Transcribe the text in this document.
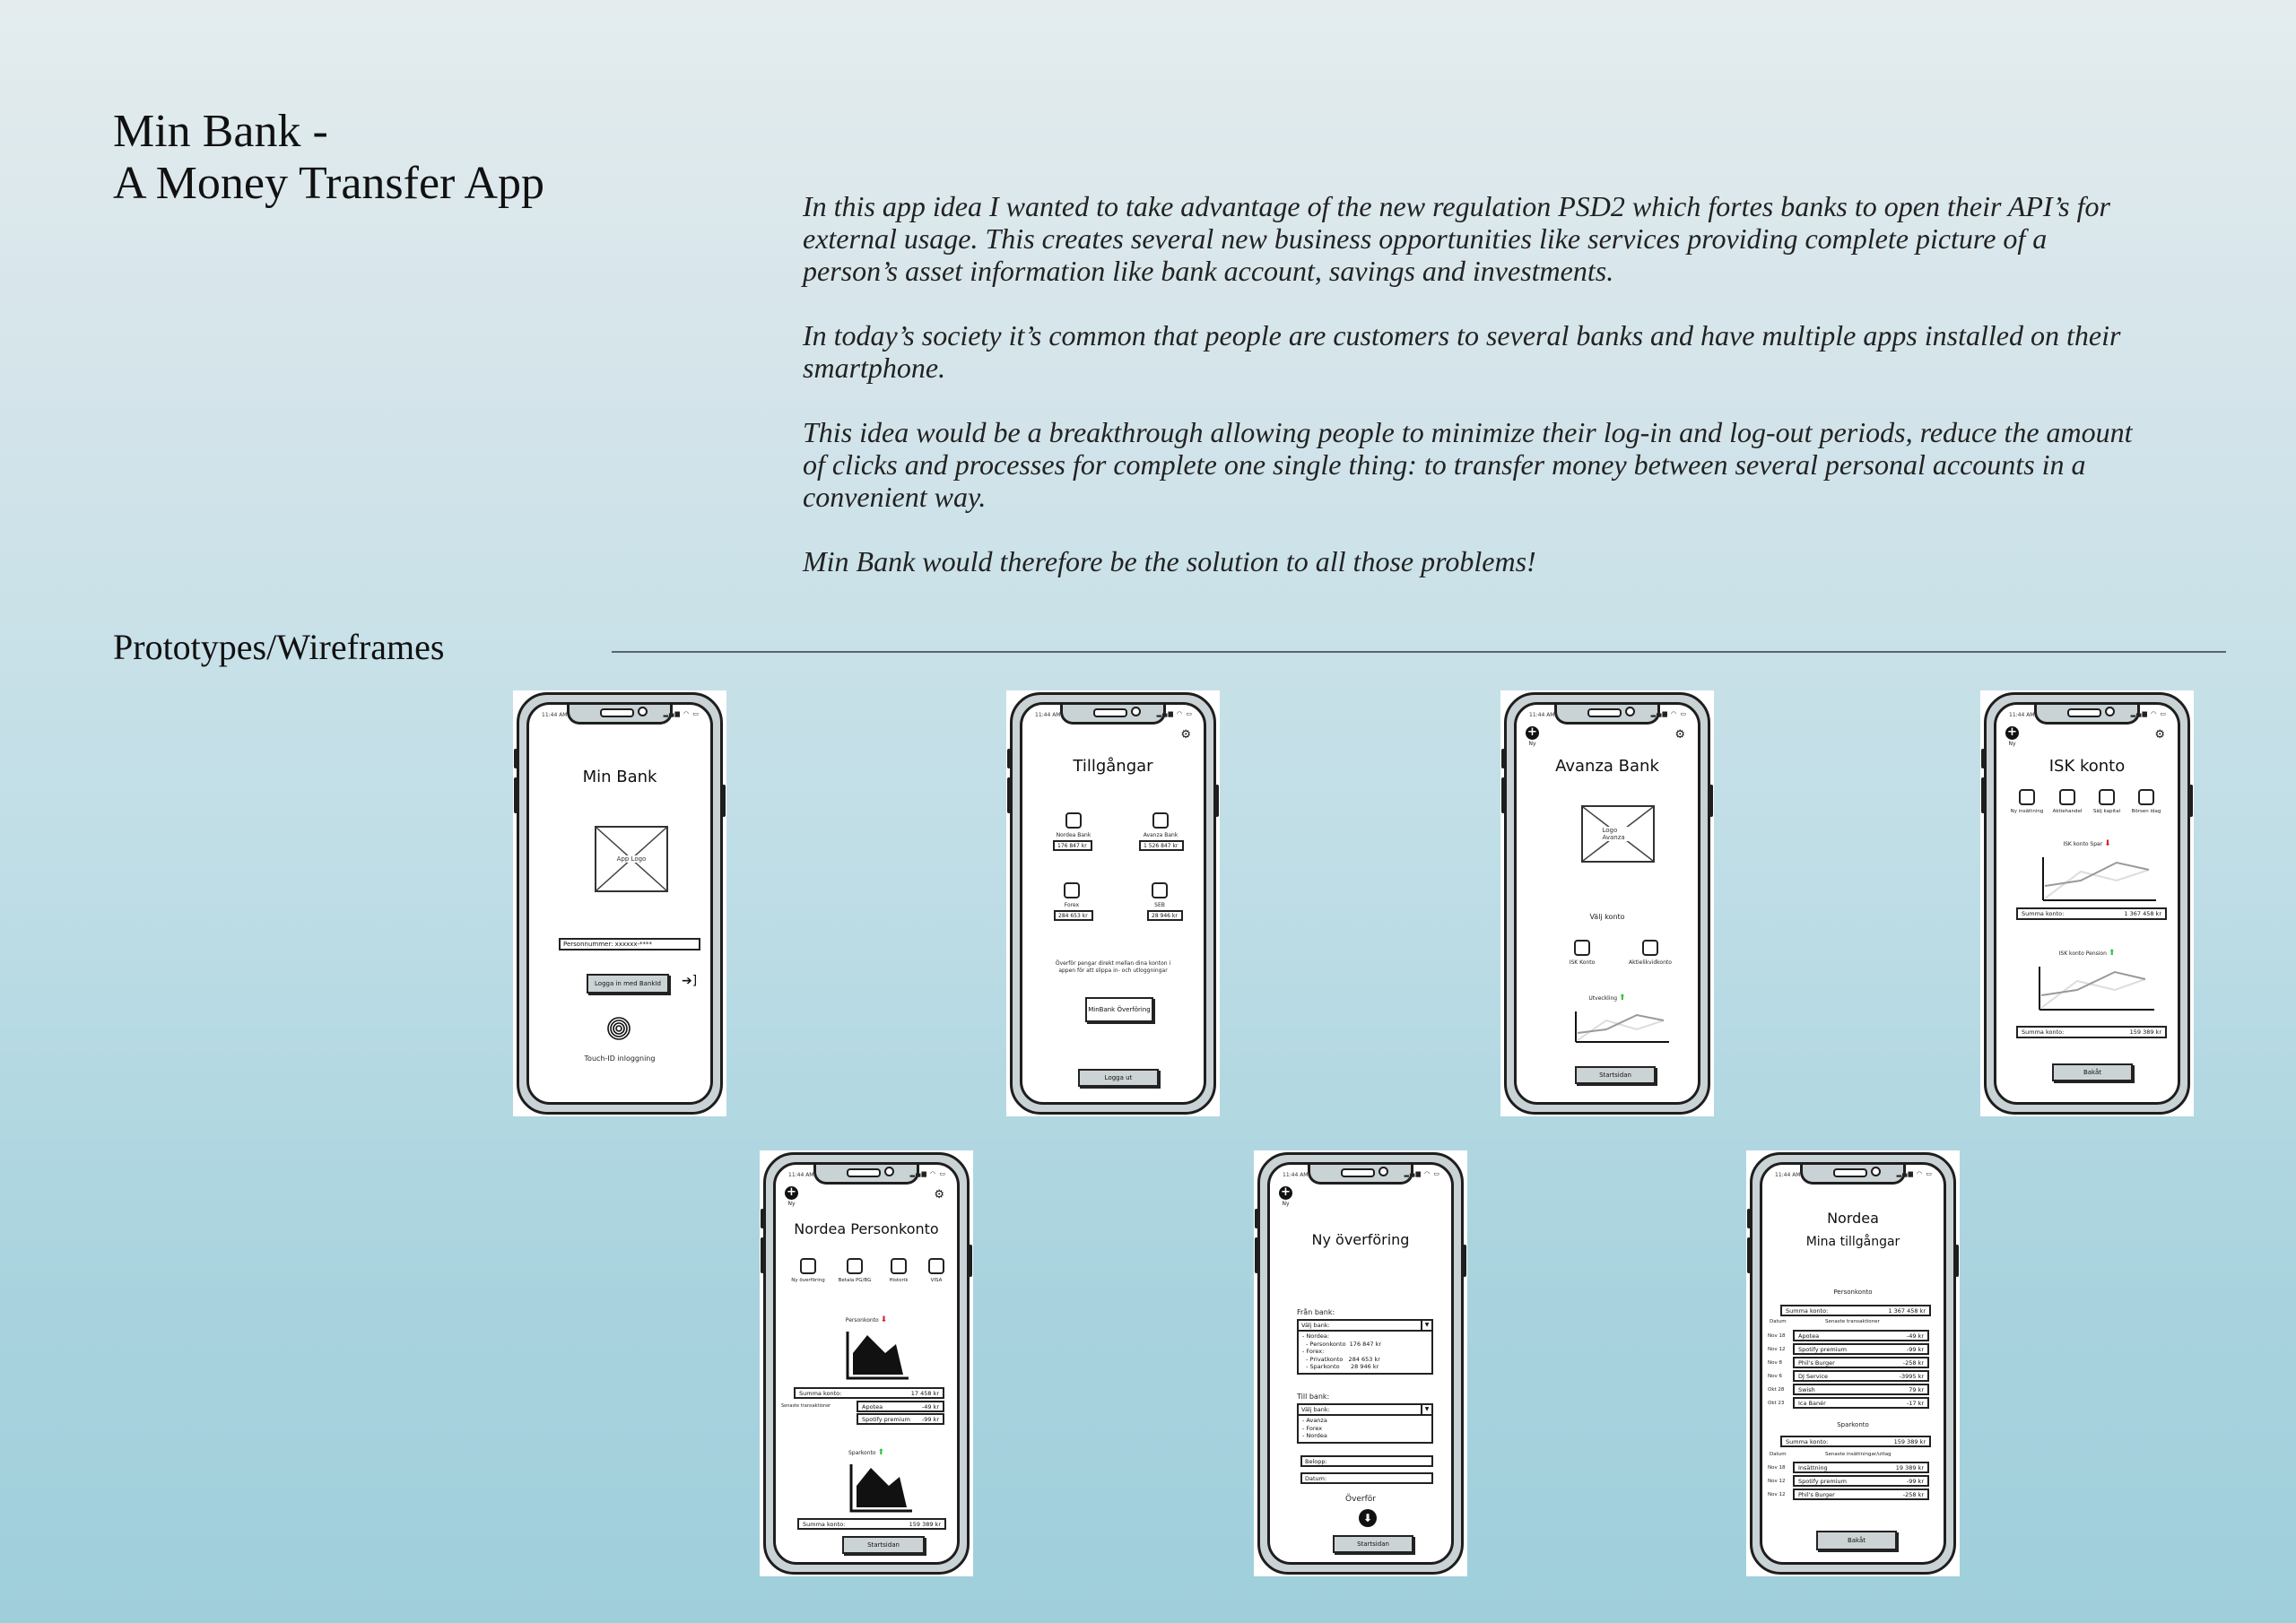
Min Bank -
A Money Transfer App	In this app idea I wanted to take advantage of the new regulation PSD2 which fortes banks to open their API’s for external usage. This creates several new business opportunities like services providing complete picture of a person’s asset information like bank account, savings and investments.

In today’s society it’s common that people are customers to several banks and have multiple apps installed on their smartphone.

This idea would be a breakthrough allowing people to minimize their log-in and log-out periods, reduce the amount of clicks and processes for complete one single thing: to transfer money between several personal accounts in a convenient way.

Min Bank would therefore be the solution to all those problems!

Prototypes/Wireframes
11:44 AM	▂▄▆ ◠ ▭
Min Bank
App Logo
Personnummer: xxxxxx-****
Logga in med BankId	➔]
Touch-ID inloggning
11:44 AM	▂▄▆ ◠ ▭
⚙
Tillgångar
Nordea Bank
176 847 kr
Avanza Bank
1 526 847 kr
Forex
284 653 kr
SEB
28 946 kr
Överför pengar direkt mellan dina konton i
appen för att slippa in- och utloggningar
MinBank Överföring
Logga ut
11:44 AM	▂▄▆ ◠ ▭
+
Ny
⚙
Avanza Bank
Logo Avanza
Välj konto
ISK Konto	Aktielikvidkonto
Utveckling ⬆
Startsidan
11:44 AM	▂▄▆ ◠ ▭
+
Ny
⚙
ISK konto
Ny insättning	Aktiehandel	Sälj kapital	Börsen idag
ISK konto Spar ⬇
Summa konto:	1 367 458 kr
ISK konto Pension ⬆
Summa konto:	159 389 kr
Bakåt
11:44 AM	▂▄▆ ◠ ▭
+
Ny
⚙
Nordea Personkonto
Ny överföring	Betala PG/BG	Historik	VISA
Personkonto ⬇
Summa konto:	17 458 kr
Senaste transaktioner	Apotea	-49 kr
Spotify premium -99 kr
Sparkonto ⬆
Summa konto:	159 389 kr
Startsidan
11:44 AM	▂▄▆ ◠ ▭
+
Ny
Ny överföring
Från bank:
Välj bank:	▼
- Nordea:
- Personkonto  176 847 kr
- Forex:
- Privatkonto   284 653 kr
- Sparkonto      28 946 kr
Till bank:
Välj bank:	▼
- Avanza
- Forex
- Nordea
Belopp:
Datum:
Överför
⬇
Startsidan
11:44 AM	▂▄▆ ◠ ▭
Nordea
Mina tillgångar
Personkonto
Summa konto:	1 367 458 kr
Datum	Senaste transaktioner
Nov 18 Apotea	-49 kr
Nov 12 Spotify premium	-99 kr
Nov 8	Phil's Burger	-258 kr
Nov 6	DJ Service	-3995 kr
Okt 28 Swish	79 kr
Okt 23 Ica Banér	-17 kr
Sparkonto
Summa konto:	159 389 kr
Datum	Senaste insättningar/uttag
Nov 18 Insättning	19 389 kr
Nov 12 Spotify premium	-99 kr
Nov 12 Phil's Burger	-258 kr
Bakåt
